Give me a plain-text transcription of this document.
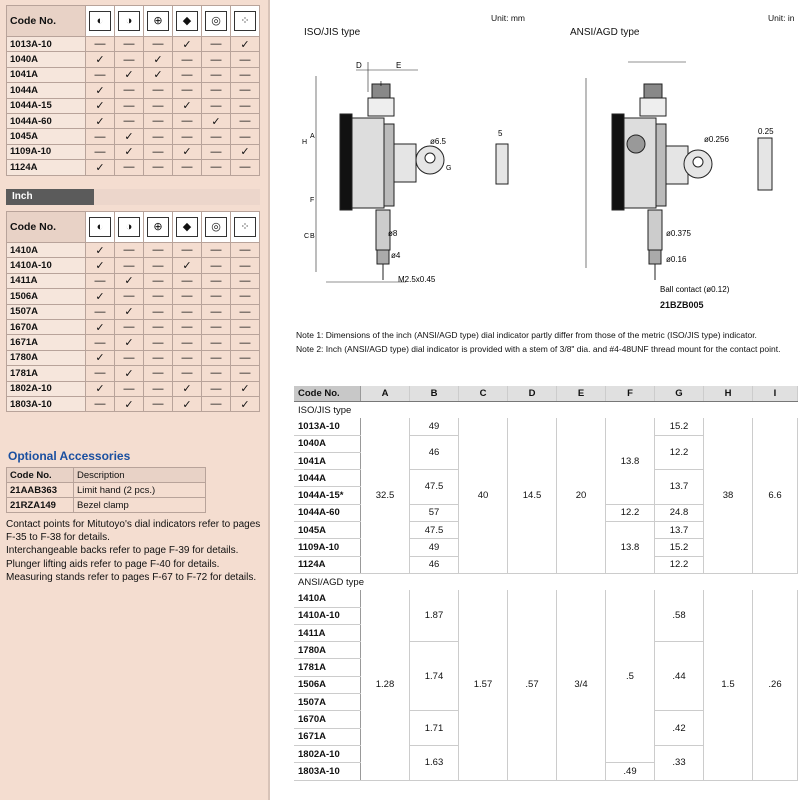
Code No.	◐	◑	⊕	◆	◎	⁘
1013A-10	—	—	—	✓	—	✓
1040A	✓	—	✓	—	—	—
1041A	—	✓	✓	—	—	—
1044A	✓	—	—	—	—	—
1044A-15	✓	—	—	✓	—	—
1044A-60	✓	—	—	—	✓	—
1045A	—	✓	—	—	—	—
1109A-10	—	✓	—	✓	—	✓
1124A	✓	—	—	—	—	—
Inch
Code No.	◐	◑	⊕	◆	◎	⁘
1410A	✓	—	—	—	—	—
1410A-10	✓	—	—	✓	—	—
1411A	—	✓	—	—	—	—
1506A	✓	—	—	—	—	—
1507A	—	✓	—	—	—	—
1670A	✓	—	—	—	—	—
1671A	—	✓	—	—	—	—
1780A	✓	—	—	—	—	—
1781A	—	✓	—	—	—	—
1802A-10	✓	—	—	✓	—	✓
1803A-10	—	✓	—	✓	—	✓
Optional Accessories
Code No.	Description
21AAB363	Limit hand (2 pcs.)
21RZA149	Bezel clamp
Contact points for Mitutoyo's dial indicators refer to pages F-35 to F-38 for details.
Interchangeable backs refer to page F-39 for details.
Plunger lifting aids refer to page F-40 for details.
Measuring stands refer to pages F-67 to F-72 for details.
Unit: mm	Unit: in
ISO/JIS type	ANSI/AGD type
D	E
I
H
A
G
B
C
F
ø6.5
ø8
ø4
M2.5x0.45
5
ø0.256
ø0.375
ø0.16
Ball contact (ø0.12)
0.25
21BZB005
Note 1: Dimensions of the inch (ANSI/AGD type) dial indicator partly differ from those of the metric (ISO/JIS type) indicator.
Note 2: Inch (ANSI/AGD type) dial indicator is provided with a stem of 3/8" dia. and #4-48UNF thread mount for the contact point.
Code No.	A	B	C	D	E	F	G	H	I
ISO/JIS type									
1013A-10	32.5	49	40	14.5	20	13.8	15.2	38	6.6
1040A		46					12.2		
1041A									
1044A		47.5					13.7		
1044A-15*									
1044A-60		57				12.2	24.8		
1045A		47.5				13.8	13.7		
1109A-10		49					15.2		
1124A		46					12.2		
ANSI/AGD type									
1410A	1.28	1.87	1.57	.57	3/4	.5	.58	1.5	.26
1410A-10									
1411A									
1780A		1.74					.44		
1781A									
1506A									
1507A									
1670A		1.71					.42		
1671A									
1802A-10		1.63					.33		
1803A-10						.49			
